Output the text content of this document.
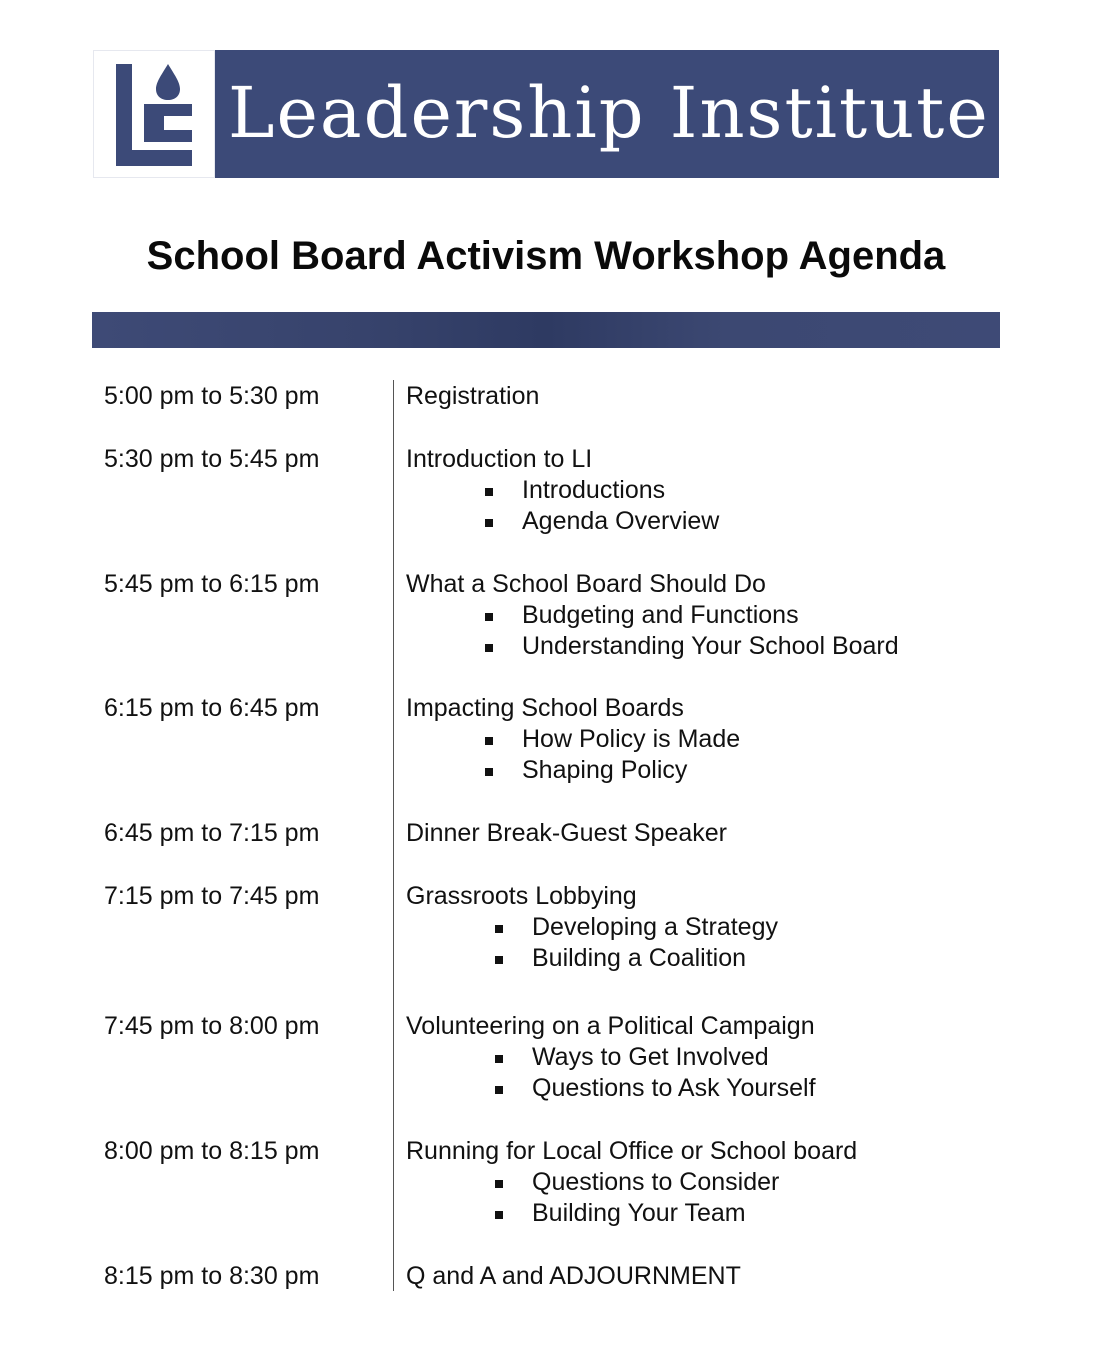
Leadership Institute
School Board Activism Workshop Agenda
5:00 pm to 5:30 pm	Registration
5:30 pm to 5:45 pm	Introduction to LI
Introductions
Agenda Overview
5:45 pm to 6:15 pm	What a School Board Should Do
Budgeting and Functions
Understanding Your School Board
6:15 pm to 6:45 pm	Impacting School Boards
How Policy is Made
Shaping Policy
6:45 pm to 7:15 pm	Dinner Break-Guest Speaker
7:15 pm to 7:45 pm	Grassroots Lobbying
Developing a Strategy
Building a Coalition
7:45 pm to 8:00 pm	Volunteering on a Political Campaign
Ways to Get Involved
Questions to Ask Yourself
8:00 pm to 8:15 pm	Running for Local Office or School board
Questions to Consider
Building Your Team
8:15 pm to 8:30 pm	Q and A and ADJOURNMENT
